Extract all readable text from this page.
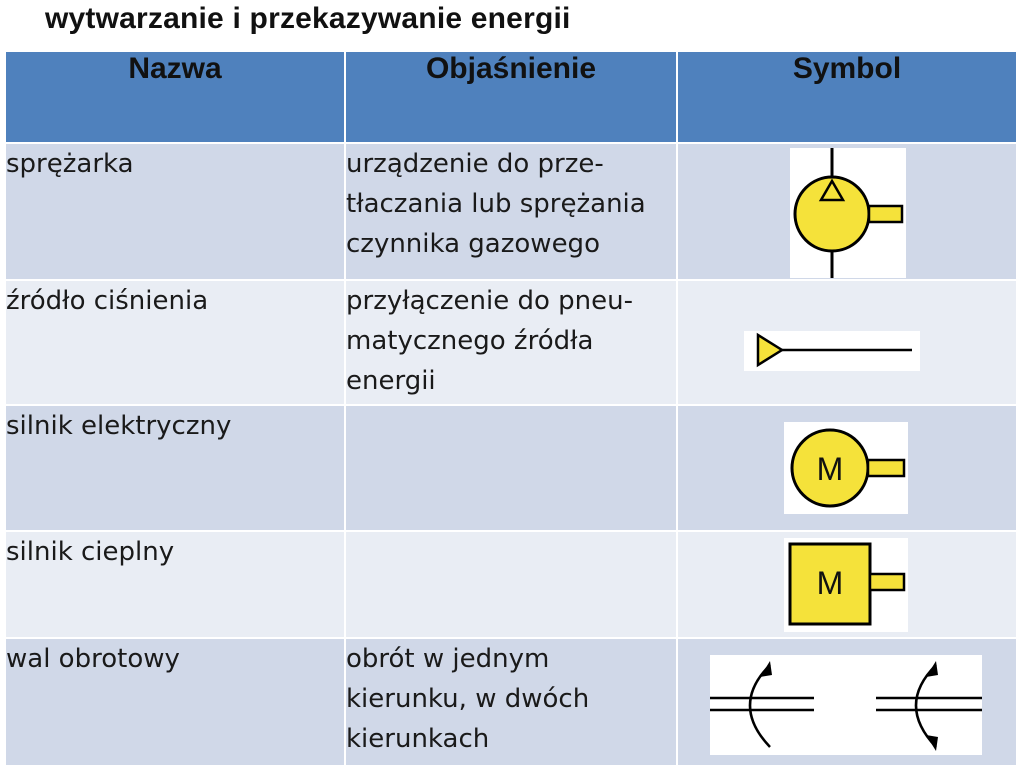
wytwarzanie i przekazywanie energii
Nazwa	Objaśnienie	Symbol

sprężarka	urządzenie do prze-
tłaczania lub sprężania
czynnika gazowego

źródło ciśnienia	przyłączenie do pneu-
matycznego źródła
energii

silnik elektryczny		M

silnik cieplny		M

wal obrotowy	obrót w jednym
kierunku, w dwóch
kierunkach
